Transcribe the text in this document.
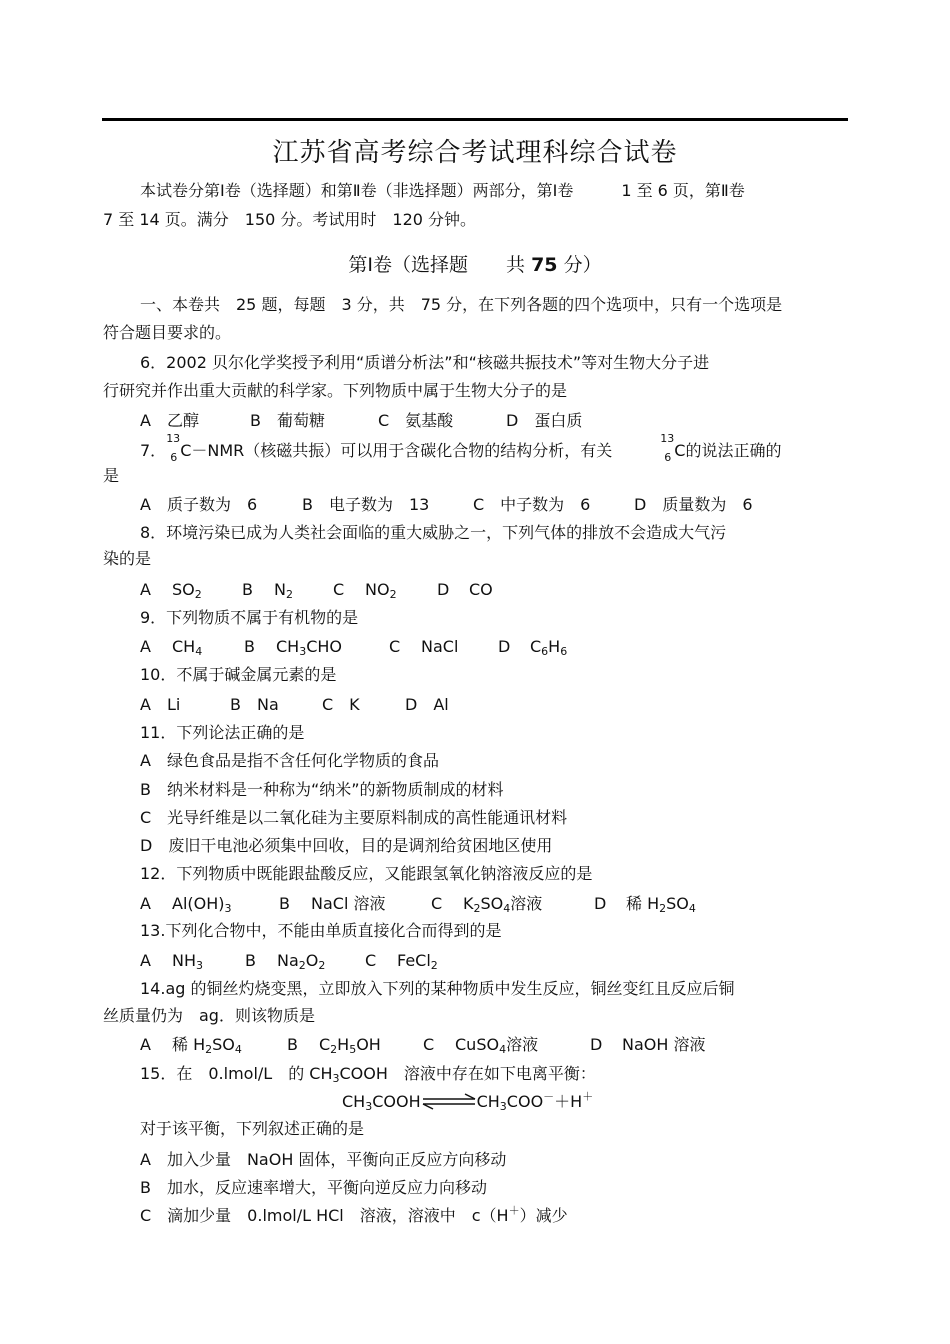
江苏省高考综合考试理科综合试卷
本试卷分第Ⅰ卷（选择题）和第Ⅱ卷（非选择题）两部分，第Ⅰ卷　　　1 至 6 页，第Ⅱ卷
7 至 14 页。满分　150 分。考试用时　120 分钟。
第Ⅰ卷（选择题　　共 75 分）
一、本卷共　25 题，每题　3 分，共　75 分，在下列各题的四个选项中，只有一个选项是
符合题目要求的。
6．2002 贝尔化学奖授予利用“质谱分析法”和“核磁共振技术”等对生物大分子进
行研究并作出重大贡献的科学家。下列物质中属于生物大分子的是
A　乙醇	B　葡萄糖	C　氨基酸	D　蛋白质
7．
13
6 C－NMR（核磁共振）可以用于含碳化合物的结构分析，有关
13
6 C的说法正确的
是
A　质子数为　6	B　电子数为　13	C　中子数为　6	D　质量数为　6
8．环境污染已成为人类社会面临的重大威胁之一，下列气体的排放不会造成大气污
染的是
A $SO_2$	B $N_2$	C $NO_2$	D CO
9．下列物质不属于有机物的是
A $CH_4$	B $CH_3CHO$	C NaCl D $C_6H_6$
10．不属于碱金属元素的是
A　Li	B　Na	C　K	D　Al
11．下列论法正确的是
A　绿色食品是指不含任何化学物质的食品
B　纳米材料是一种称为“纳米”的新物质制成的材料
C　光导纤维是以二氧化硅为主要原料制成的高性能通讯材料
D　废旧干电池必须集中回收，目的是调剂给贫困地区使用
12．下列物质中既能跟盐酸反应，又能跟氢氧化钠溶液反应的是
A $Al(OH)_3$	B NaCl 溶液	C $K_2SO_4$溶液	D 稀 $H_2SO_4$
13.下列化合物中，不能由单质直接化合而得到的是
A $NH_3$	B $Na_2O_2$ C FeCl$_2$
14.ag 的铜丝灼烧变黑，立即放入下列的某种物质中发生反应，铜丝变红且反应后铜
丝质量仍为　ag．则该物质是
A 稀 $H_2SO_4$	B $C_2H_5OH$	C CuSO$_4$溶液	D NaOH 溶液
15．在　0.lmol/L　的 $CH_3COOH$　溶液中存在如下电离平衡：
$CH_3COOH\rightleftharpoons CH_3COO^-+H^+$
对于该平衡，下列叙述正确的是
A　加入少量　NaOH 固体，平衡向正反应方向移动
B　加水，反应速率增大，平衡向逆反应力向移动
C　滴加少量　0.lmol/L HCl　溶液，溶液中　c（H＋）减少
